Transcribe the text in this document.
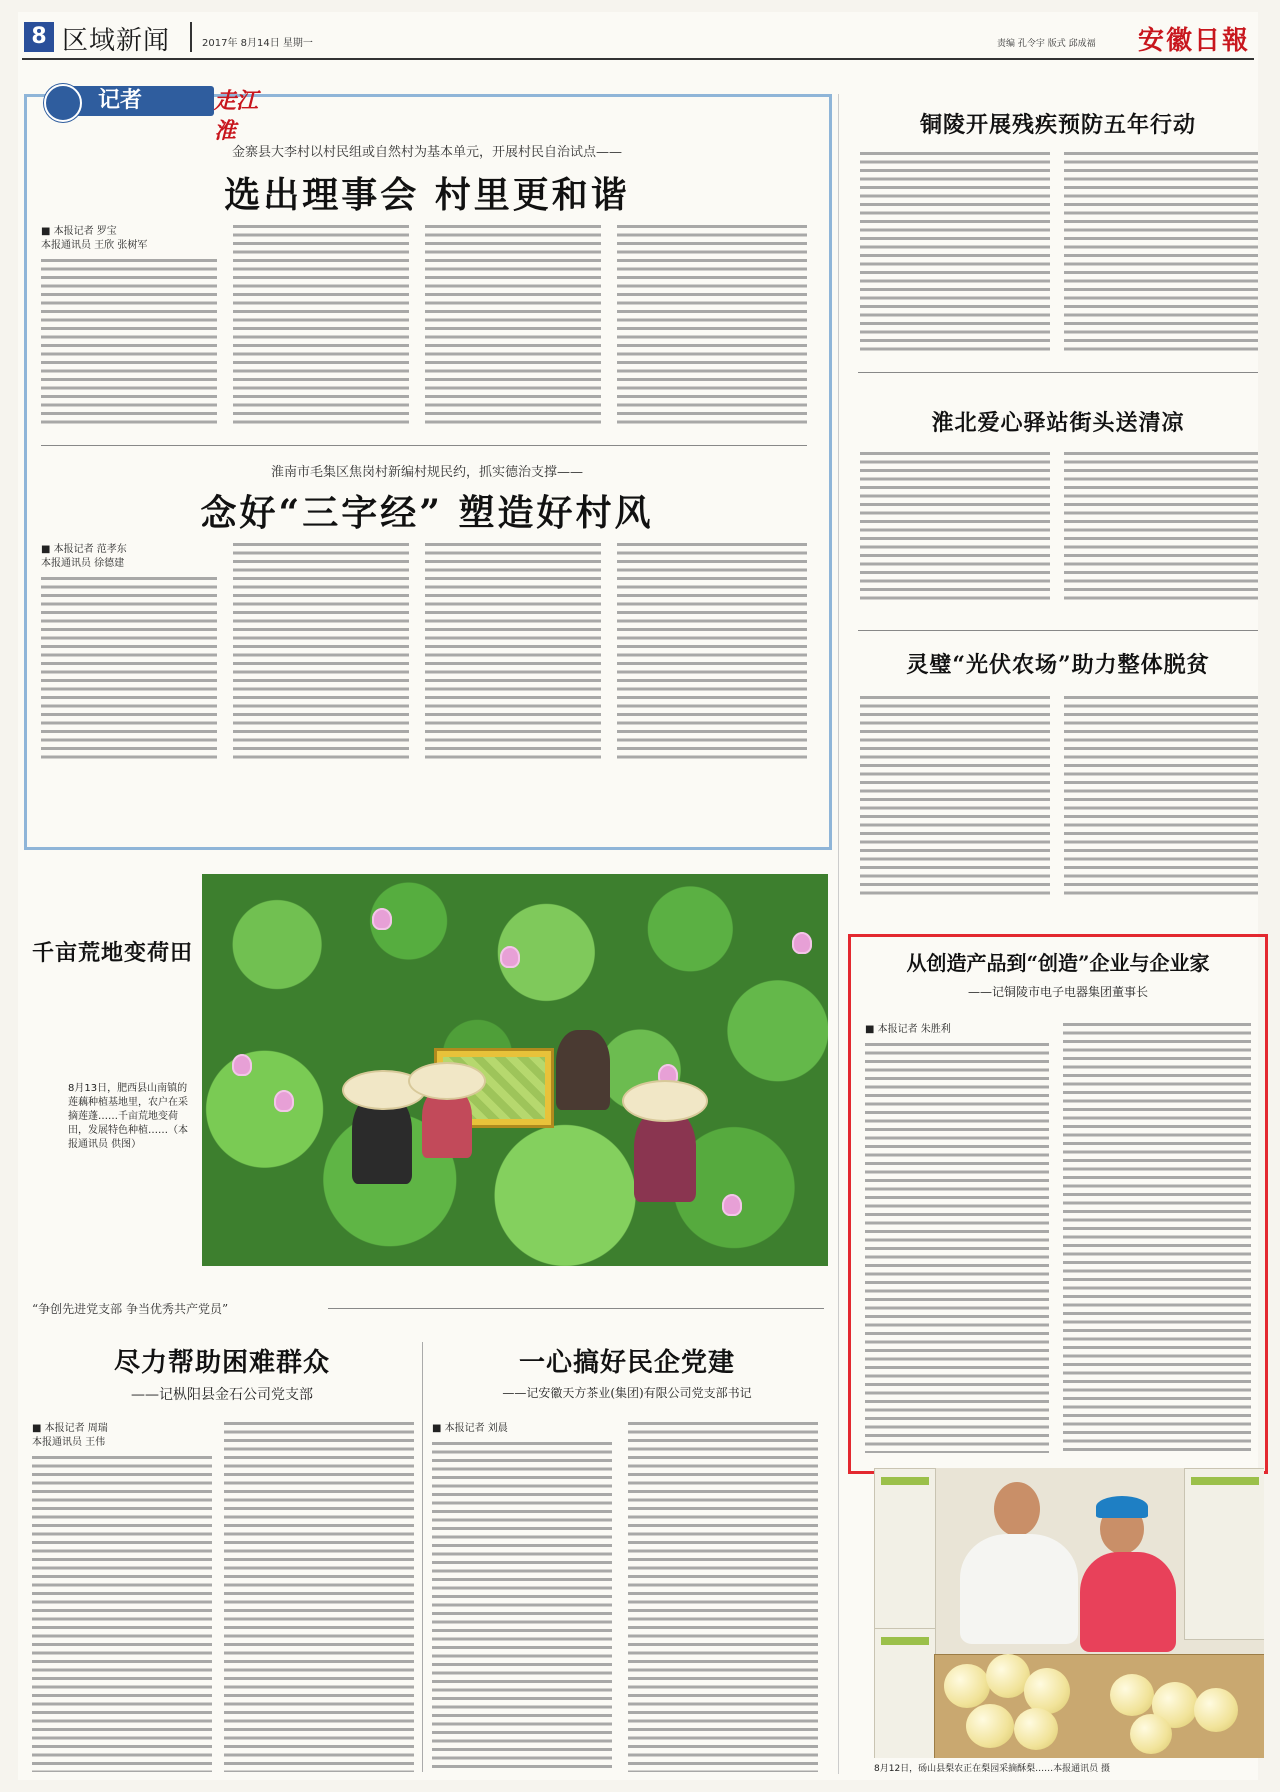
8 区域新闻	2017年 8月14日 星期一	责编 孔令宇 版式 邱成福 安徽日報
金寨县大李村以村民组或自然村为基本单元，开展村民自治试点——
选出理事会 村里更和谐
■ 本报记者 罗宝
本报通讯员 王欣 张树军
淮南市毛集区焦岗村新编村规民约，抓实德治支撑——
念好“三字经” 塑造好村风
■ 本报记者 范孝东
本报通讯员 徐德建
记者	走江淮
千亩荒地变荷田
8月13日，肥西县山南镇的莲藕种植基地里，农户在采摘莲蓬……千亩荒地变荷田，发展特色种植……（本报通讯员 供图）
“争创先进党支部 争当优秀共产党员”
尽力帮助困难群众
——记枞阳县金石公司党支部
■ 本报记者 周瑞
本报通讯员 王伟
一心搞好民企党建
——记安徽天方茶业(集团)有限公司党支部书记
■ 本报记者 刘晨
铜陵开展残疾预防五年行动
淮北爱心驿站街头送清凉
灵璧“光伏农场”助力整体脱贫
从创造产品到“创造”企业与企业家
——记铜陵市电子电器集团董事长
■ 本报记者 朱胜利
8月12日，砀山县梨农正在梨园采摘酥梨……本报通讯员 摄
